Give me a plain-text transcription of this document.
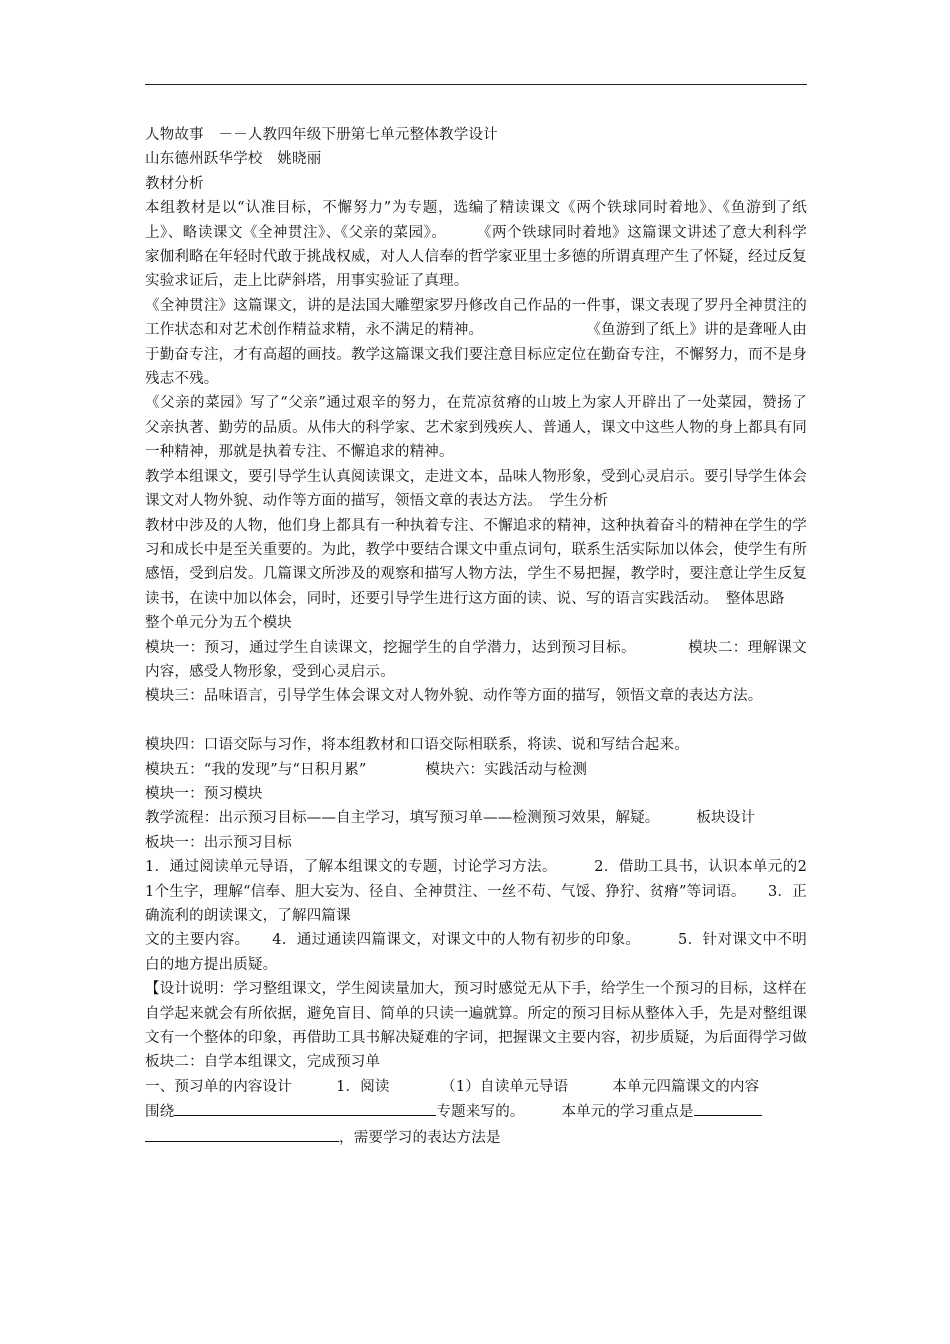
人物故事　－－人教四年级下册第七单元整体教学设计

山东德州跃华学校　姚晓丽

教材分析

本组教材是以“认准目标，不懈努力”为专题，选编了精读课文《两个铁球同时着地》、《鱼游到了纸上》、略读课文《全神贯注》、《父亲的菜园》。　　　《两个铁球同时着地》这篇课文讲述了意大利科学家伽利略在年轻时代敢于挑战权威，对人人信奉的哲学家亚里士多德的所谓真理产生了怀疑，经过反复实验求证后，走上比萨斜塔，用事实验证了真理。

《全神贯注》这篇课文，讲的是法国大雕塑家罗丹修改自己作品的一件事，课文表现了罗丹全神贯注的工作状态和对艺术创作精益求精，永不满足的精神。　　　　　　　　《鱼游到了纸上》讲的是聋哑人由于勤奋专注，才有高超的画技。教学这篇课文我们要注意目标应定位在勤奋专注，不懈努力，而不是身残志不残。

《父亲的菜园》写了“父亲”通过艰辛的努力，在荒凉贫瘠的山坡上为家人开辟出了一处菜园，赞扬了父亲执著、勤劳的品质。从伟大的科学家、艺术家到残疾人、普通人，课文中这些人物的身上都具有同一种精神，那就是执着专注、不懈追求的精神。

教学本组课文，要引导学生认真阅读课文，走进文本，品味人物形象，受到心灵启示。要引导学生体会课文对人物外貌、动作等方面的描写，领悟文章的表达方法。　学生分析

教材中涉及的人物，他们身上都具有一种执着专注、不懈追求的精神，这种执着奋斗的精神在学生的学习和成长中是至关重要的。为此，教学中要结合课文中重点词句，联系生活实际加以体会，使学生有所感悟，受到启发。几篇课文所涉及的观察和描写人物方法，学生不易把握，教学时，要注意让学生反复读书，在读中加以体会，同时，还要引导学生进行这方面的读、说、写的语言实践活动。　整体思路

整个单元分为五个模块

模块一：预习，通过学生自读课文，挖掘学生的自学潜力，达到预习目标。　　　　模块二：理解课文内容，感受人物形象，受到心灵启示。

模块三：品味语言，引导学生体会课文对人物外貌、动作等方面的描写，领悟文章的表达方法。

模块四：口语交际与习作，将本组教材和口语交际相联系，将读、说和写结合起来。

模块五：“我的发现”与“日积月累”　　　　模块六：实践活动与检测

模块一：预习模块

教学流程：出示预习目标——自主学习，填写预习单——检测预习效果，解疑。　　　板块设计

板块一：出示预习目标

1．通过阅读单元导语，了解本组课文的专题，讨论学习方法。　　　2．借助工具书，认识本单元的21个生字，理解“信奉、胆大妄为、径自、全神贯注、一丝不苟、气馁、狰狞、贫瘠”等词语。　　3．正确流利的朗读课文，了解四篇课

文的主要内容。　　4．通过通读四篇课文，对课文中的人物有初步的印象。　　　5．针对课文中不明白的地方提出质疑。

【设计说明：学习整组课文，学生阅读量加大，预习时感觉无从下手，给学生一个预习的目标，这样在自学起来就会有所依据，避免盲目、简单的只读一遍就算。所定的预习目标从整体入手，先是对整组课文有一个整体的印象，再借助工具书解决疑难的字词，把握课文主要内容，初步质疑，为后面得学习做　板块二：自学本组课文，完成预习单

一、预习单的内容设计　　　1．阅读　　　　（1）自读单元导语　　　本单元四篇课文的内容

围绕	专题来写的。　　　本单元的学习重点是

，需要学习的表达方法是
